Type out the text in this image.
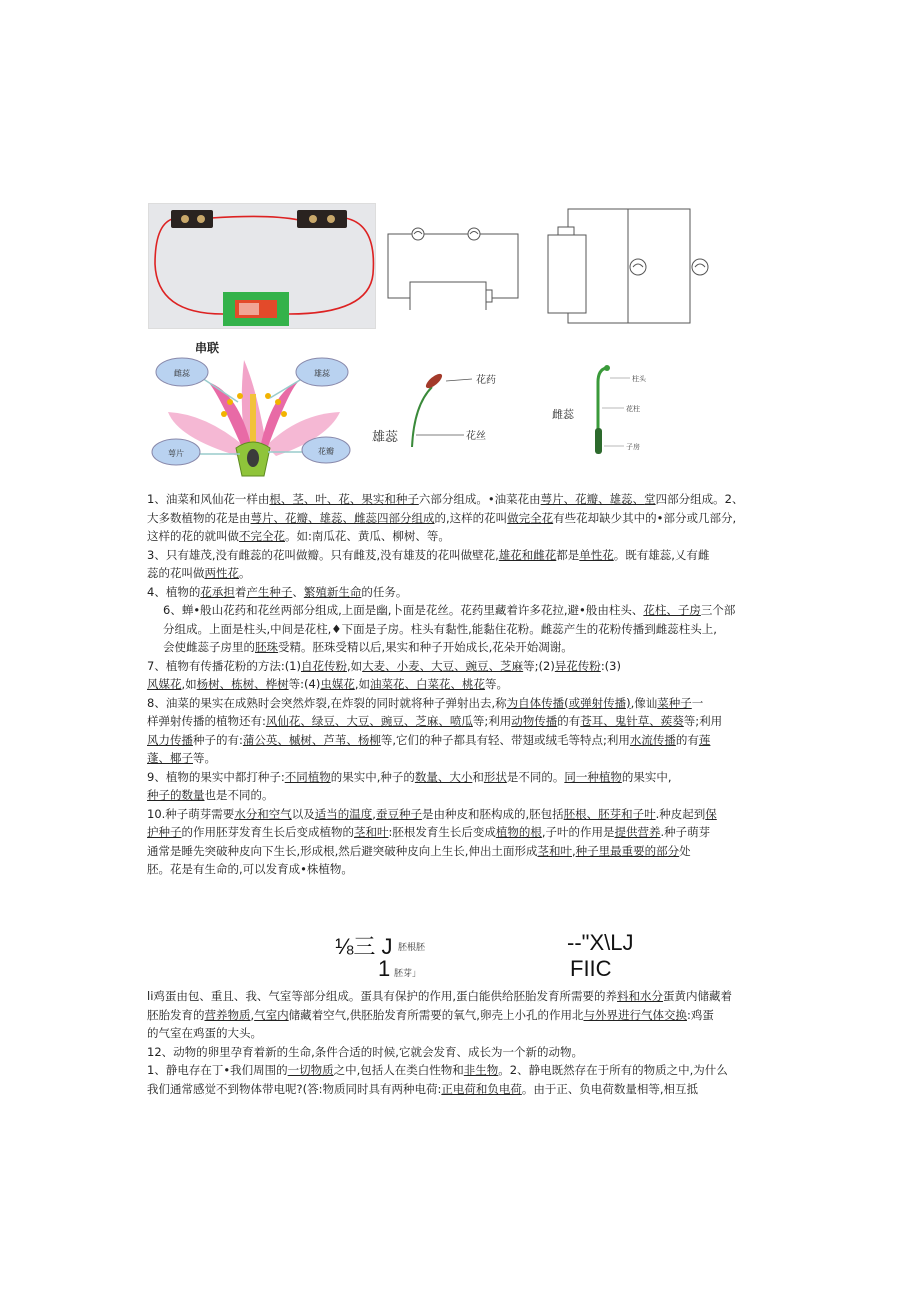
串联
雌蕊	雄蕊
萼片	花瓣
花药
花丝
雄蕊
柱头
花柱
子房
雌蕊

1、油菜和风仙花一样由根、茎、叶、花、果实和种子六部分组成。•油菜花由萼片、花瓣、雄蕊、堂四部分组成。2、
大多数植物的花是由萼片、花瓣、雄蕊、雌蕊四部分组成的,这样的花叫做完全花有些花却缺少其中的•部分或几部分,
这样的花的就叫做不完全花。如:南瓜花、黄瓜、柳树、等。

3、只有雄茂,没有雌蕊的花叫做瓣。只有雌芨,没有雄芨的花叫做壁花,雄花和雌花都是单性花。既有雄蕊,乂有雌
蕊的花叫做两性花。

4、植物的花承担着产生种子、繁殖新生命的任务。

6、蝉•般山花药和花丝两部分组成,上面是幽,卜面是花丝。花药里藏着许多花拉,避•般由柱头、花柱、子房三个部
分组成。上面是柱头,中间是花柱,♦下面是子房。柱头有黏性,能黏住花粉。雌蕊产生的花粉传播到雌蕊柱头上,
会使雌蕊子房里的胚珠受精。胚珠受精以后,果实和种子开始成长,花朵开始凋谢。

7、植物有传播花粉的方法:(1)自花传粉,如大麦、小麦、大豆、豌豆、芝麻等;(2)异花传粉:(3)
风媒花,如杨树、栋树、桦树等:(4)虫媒花,如油菜花、白菜花、桃花等。

8、油菜的果实在成熟时会突然炸裂,在炸裂的同时就将种子弹射出去,称为自体传播(或弹射传播),像讪菜种子一
样弹射传播的植物还有:风仙花、绿豆、大豆、豌豆、芝麻、喷瓜等;利用动物传播的有苍耳、鬼针草、蒺葵等;利用
风力传播种子的有:蒲公英、槭树、芦苇、杨柳等,它们的种子都具有轻、带翅或绒毛等特点;利用水流传播的有莲
蓬、椰子等。

9、植物的果实中都打种子:不同植物的果实中,种子的数量、大小和形状是不同的。同一种植物的果实中,
种子的数量也是不同的。

10.种子萌芽需要水分和空气以及适当的温度,蚕豆种子是由种皮和胚构成的,胚包括胚根、胚芽和子叶.种皮起到保
护种子的作用胚芽发育生长后变成植物的茎和叶:胚根发育生长后变成植物的根,子叶的作用是提供营养.种子萌芽
通常是睡先突破种皮向下生长,形成根,然后避突破种皮向上生长,伸出土面形成茎和叶,种子里最重要的部分处
胚。花是有生命的,可以发育成•株植物。

⅛三 J 胚根胚
1 胚芽」
--"X\LJ
FIIC

li鸡蛋由包、重且、我、气室等部分组成。蛋具有保护的作用,蛋白能供给胚胎发育所需要的养料和水分蛋黄内储藏着
胚胎发育的营养物质,气室内储藏着空气,供胚胎发育所需要的氧气,卵壳上小孔的作用北与外界进行气体交换:鸡蛋
的气室在鸡蛋的大头。

12、动物的卵里孕育着新的生命,条件合适的时候,它就会发育、成长为一个新的动物。

1、静电存在丁•我们周围的一切物质之中,包括人在类白性物和非生物。2、静电既然存在于所有的物质之中,为什么
我们通常感觉不到物体带电呢?(答:物质同时具有两种电荷:正电荷和负电荷。由于正、负电荷数量相等,相互抵
